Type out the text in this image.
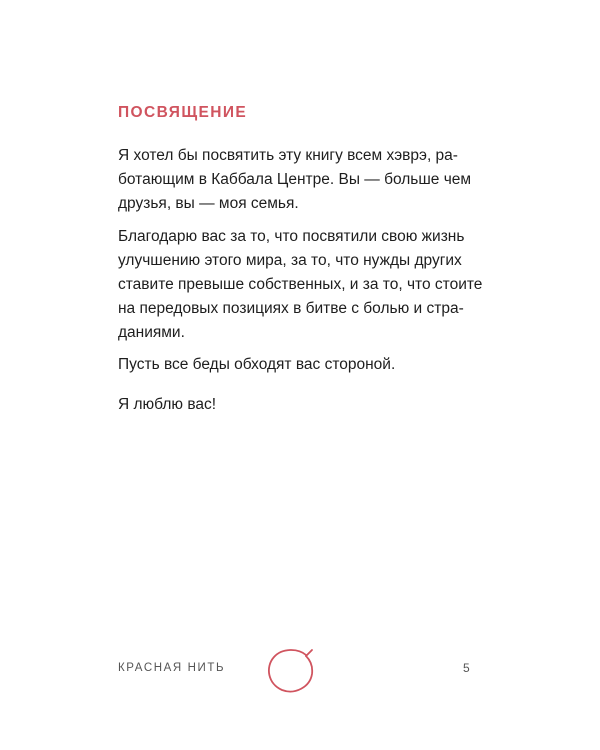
ПОСВЯЩЕНИЕ

Я хотел бы посвятить эту книгу всем хэврэ, ра-
ботающим в Каббала Центре. Вы — больше чем
друзья, вы — моя семья.

Благодарю вас за то, что посвятили свою жизнь
улучшению этого мира, за то, что нужды других
ставите превыше собственных, и за то, что стоите
на передовых позициях в битве с болью и стра-
даниями.

Пусть все беды обходят вас стороной.

Я люблю вас!

КРАСНАЯ НИТЬ	5
